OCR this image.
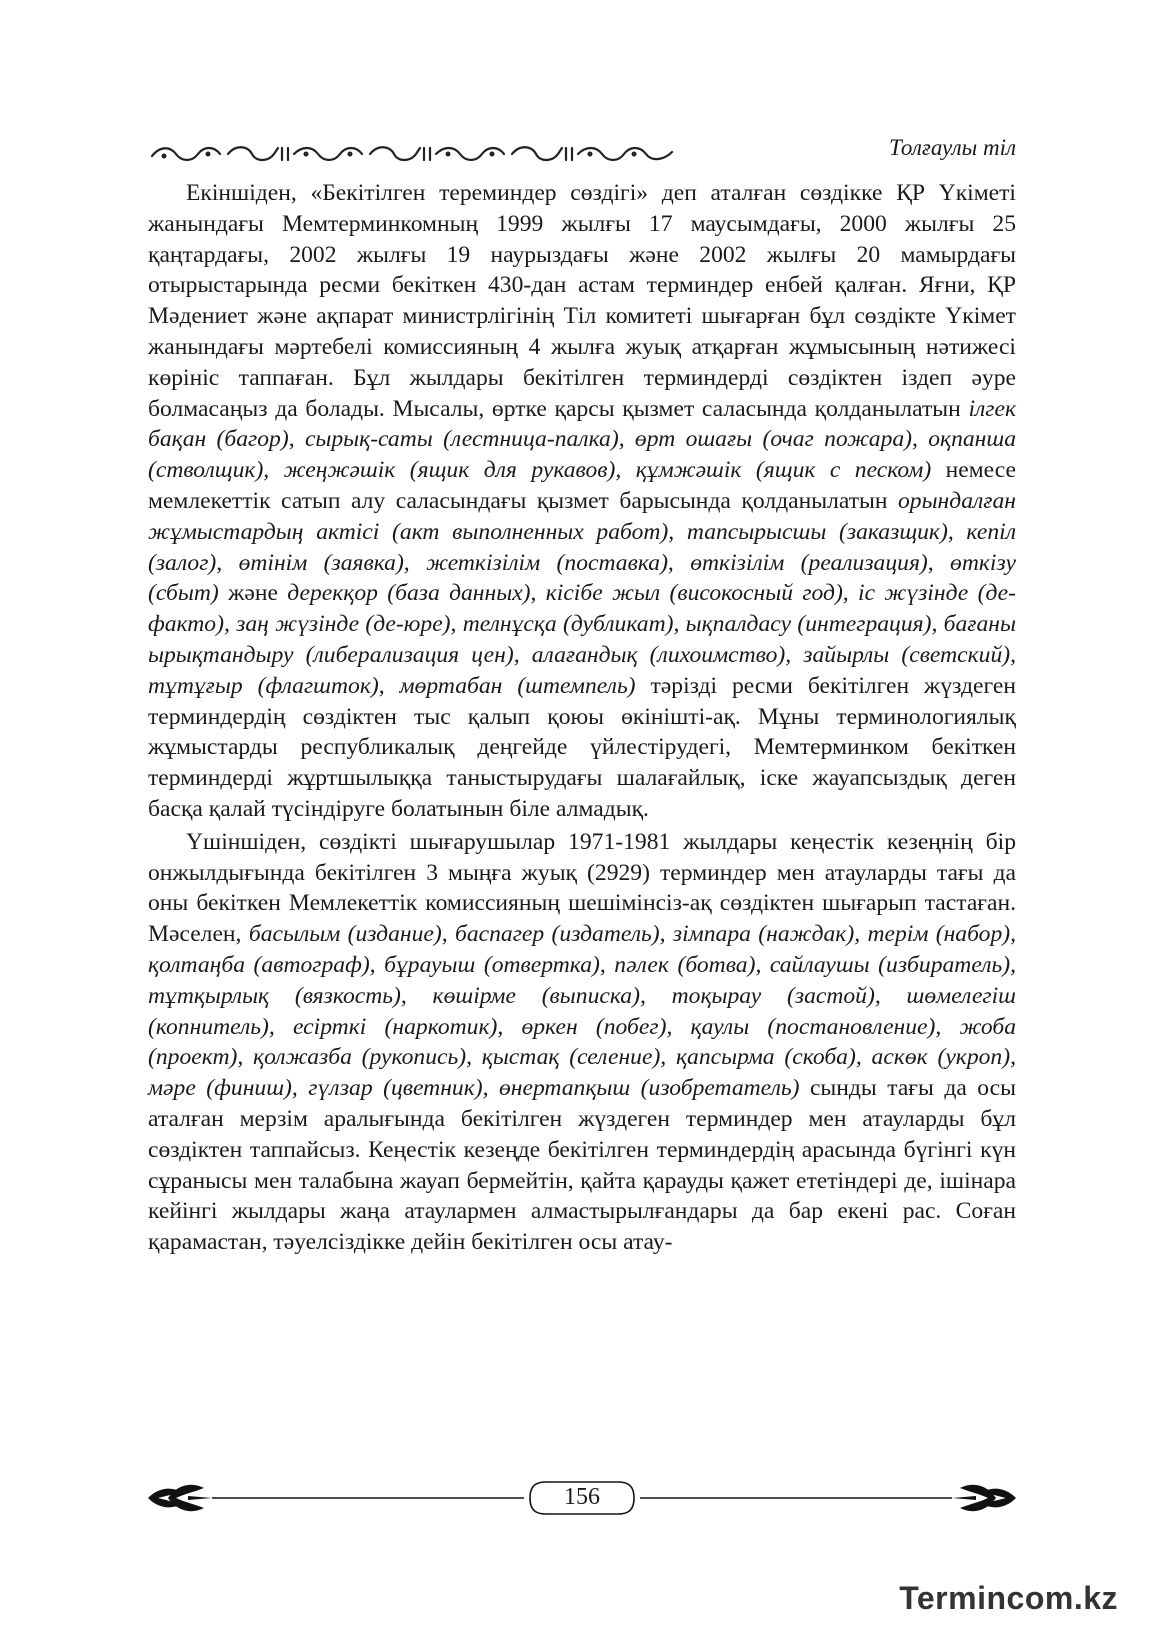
Толғаулы тіл

Екіншіден, «Бекітілген тереминдер сөздігі» деп аталған сөздікке ҚР Үкіметі жанындағы Мемтерминкомның 1999 жылғы 17 маусымдағы, 2000 жылғы 25 қаңтардағы, 2002 жылғы 19 наурыздағы және 2002 жылғы 20 мамырдағы отырыстарында ресми бекіткен 430-дан астам терминдер енбей қалған. Яғни, ҚР Мәдениет және ақпарат министрлігінің Тіл комитеті шығарған бұл сөздікте Үкімет жанындағы мәртебелі комиссияның 4 жылға жуық атқарған жұмысының нәтижесі көрініс таппаған. Бұл жылдары бекітілген терминдерді сөздіктен іздеп әуре болмасаңыз да болады. Мысалы, өртке қарсы қызмет саласында қолданылатын ілгек бақан (багор), сырық-саты (лестница-палка), өрт ошағы (очаг пожара), оқпанша (стволщик), жеңжәшік (ящик для рукавов), құмжәшік (ящик с песком) немесе мемлекеттік сатып алу саласындағы қызмет барысында қолданылатын орындалған жұмыстардың актісі (акт выполненных работ), тапсырысшы (заказщик), кепіл (залог), өтінім (заявка), жеткізілім (поставка), өткізілім (реализация), өткізу (сбыт) және дерекқор (база данных), кісібе жыл (високосный год), іс жүзінде (де-факто), заң жүзінде (де-юре), телнұсқа (дубликат), ықпалдасу (интеграция), бағаны ырықтандыру (либерализация цен), алағандық (лихоимство), зайырлы (светский), тұтұғыр (флагшток), мөртабан (штемпель) тәрізді ресми бекітілген жүздеген терминдердің сөздіктен тыс қалып қоюы өкінішті-ақ. Мұны терминологиялық жұмыстарды республикалық деңгейде үйлестірудегі, Мемтерминком бекіткен терминдерді жұртшылыққа таныстырудағы шалағайлық, іске жауапсыздық деген басқа қалай түсіндіруге болатынын біле алмадық.

Үшіншіден, сөздікті шығарушылар 1971-1981 жылдары кеңестік кезеңнің бір онжылдығында бекітілген 3 мыңға жуық (2929) терминдер мен атауларды тағы да оны бекіткен Мемлекеттік комиссияның шешімінсіз-ақ сөздіктен шығарып тастаған. Мәселен, басылым (издание), баспагер (издатель), зімпара (наждак), терім (набор), қолтаңба (автограф), бұрауыш (отвертка), пәлек (ботва), сайлаушы (избиратель), тұтқырлық (вязкость), көшірме (выписка), тоқырау (застой), шөмелегіш (копнитель), есірткі (наркотик), өркен (побег), қаулы (постановление), жоба (проект), қолжазба (рукопись), қыстақ (селение), қапсырма (скоба), аскөк (укроп), мәре (финиш), гүлзар (цветник), өнертапқыш (изобретатель) сынды тағы да осы аталған мерзім аралығында бекітілген жүздеген терминдер мен атауларды бұл сөздіктен таппайсыз. Кеңестік кезеңде бекітілген терминдердің арасында бүгінгі күн сұранысы мен талабына жауап бермейтін, қайта қарауды қажет ететіндері де, ішінара кейінгі жылдары жаңа атаулармен алмастырылғандары да бар екені рас. Соған қарамастан, тәуелсіздікке дейін бекітілген осы атау-

156
Termincom.kz
